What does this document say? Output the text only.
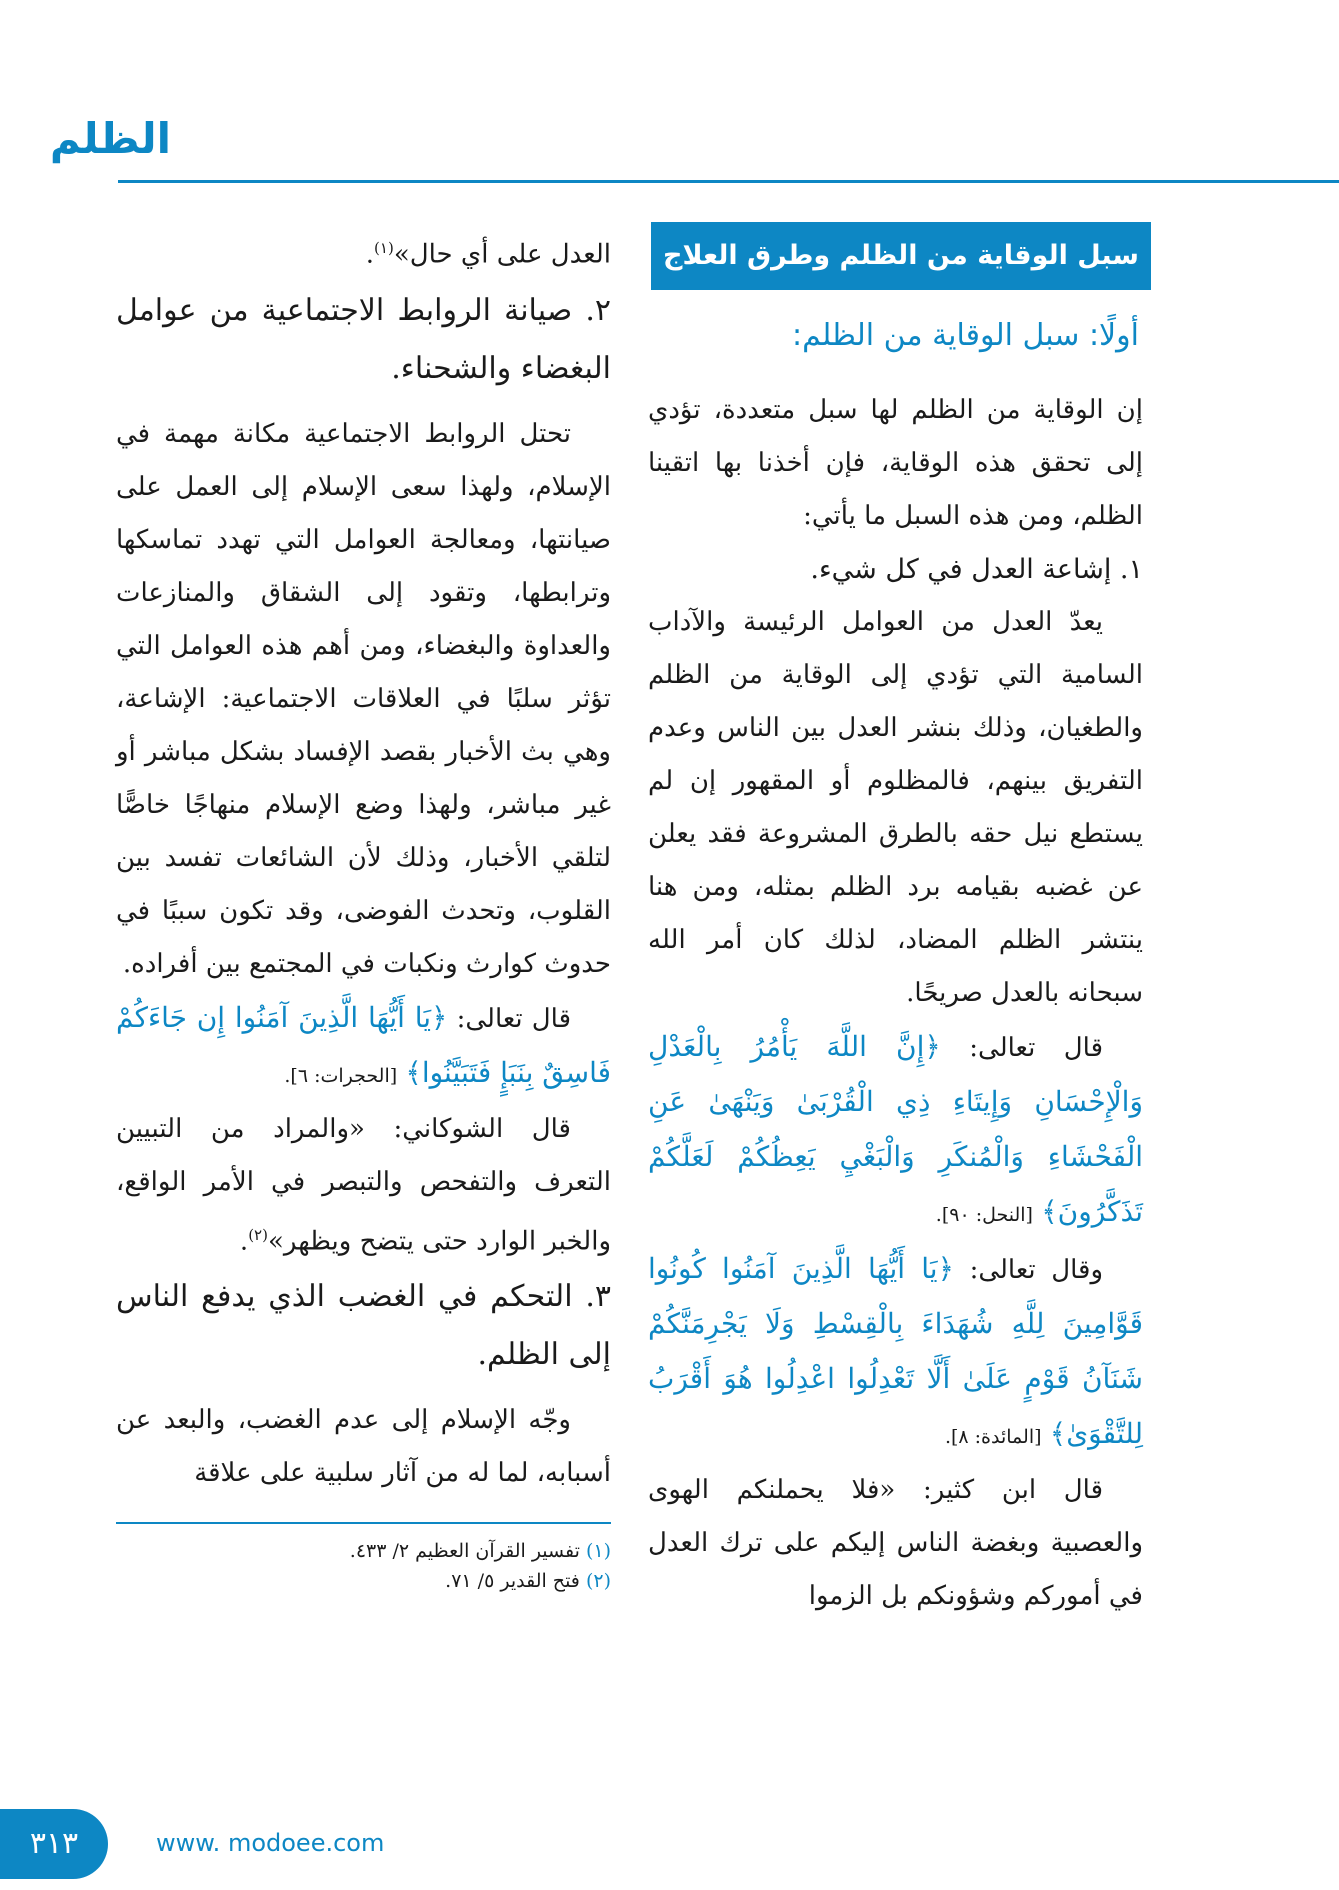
الظلم
سبل الوقاية من الظلم وطرق العلاج
أولًا: سبل الوقاية من الظلم:

إن الوقاية من الظلم لها سبل متعددة، تؤدي إلى تحقق هذه الوقاية، فإن أخذنا بها اتقينا الظلم، ومن هذه السبل ما يأتي:

١. إشاعة العدل في كل شيء.

يعدّ العدل من العوامل الرئيسة والآداب السامية التي تؤدي إلى الوقاية من الظلم والطغيان، وذلك بنشر العدل بين الناس وعدم التفريق بينهم، فالمظلوم أو المقهور إن لم يستطع نيل حقه بالطرق المشروعة فقد يعلن عن غضبه بقيامه برد الظلم بمثله، ومن هنا ينتشر الظلم المضاد، لذلك كان أمر الله سبحانه بالعدل صريحًا.

قال تعالى: ﴿إِنَّ اللَّهَ يَأْمُرُ بِالْعَدْلِ وَالْإِحْسَانِ وَإِيتَاءِ ذِي الْقُرْبَىٰ وَيَنْهَىٰ عَنِ الْفَحْشَاءِ وَالْمُنكَرِ وَالْبَغْيِ يَعِظُكُمْ لَعَلَّكُمْ تَذَكَّرُونَ﴾ [النحل: ٩٠].

وقال تعالى: ﴿يَا أَيُّهَا الَّذِينَ آمَنُوا كُونُوا قَوَّامِينَ لِلَّهِ شُهَدَاءَ بِالْقِسْطِ وَلَا يَجْرِمَنَّكُمْ شَنَآنُ قَوْمٍ عَلَىٰ أَلَّا تَعْدِلُوا اعْدِلُوا هُوَ أَقْرَبُ لِلتَّقْوَىٰ﴾ [المائدة: ٨].

قال ابن كثير: «فلا يحملنكم الهوى والعصبية وبغضة الناس إليكم على ترك العدل في أموركم وشؤونكم بل الزموا

العدل على أي حال»$^{(١)}$.

٢. صيانة الروابط الاجتماعية من عوامل البغضاء والشحناء.

تحتل الروابط الاجتماعية مكانة مهمة في الإسلام، ولهذا سعى الإسلام إلى العمل على صيانتها، ومعالجة العوامل التي تهدد تماسكها وترابطها، وتقود إلى الشقاق والمنازعات والعداوة والبغضاء، ومن أهم هذه العوامل التي تؤثر سلبًا في العلاقات الاجتماعية: الإشاعة، وهي بث الأخبار بقصد الإفساد بشكل مباشر أو غير مباشر، ولهذا وضع الإسلام منهاجًا خاصًّا لتلقي الأخبار، وذلك لأن الشائعات تفسد بين القلوب، وتحدث الفوضى، وقد تكون سببًا في حدوث كوارث ونكبات في المجتمع بين أفراده.

قال تعالى: ﴿يَا أَيُّهَا الَّذِينَ آمَنُوا إِن جَاءَكُمْ فَاسِقٌ بِنَبَإٍ فَتَبَيَّنُوا﴾ [الحجرات: ٦].

قال الشوكاني: «والمراد من التبيين التعرف والتفحص والتبصر في الأمر الواقع، والخبر الوارد حتى يتضح ويظهر»$^{(٢)}$.

٣. التحكم في الغضب الذي يدفع الناس إلى الظلم.

وجّه الإسلام إلى عدم الغضب، والبعد عن أسبابه، لما له من آثار سلبية على علاقة

(١) تفسير القرآن العظيم ٢/ ٤٣٣.

(٢) فتح القدير ٥/ ٧١.

٣١٣	www. modoee.com
